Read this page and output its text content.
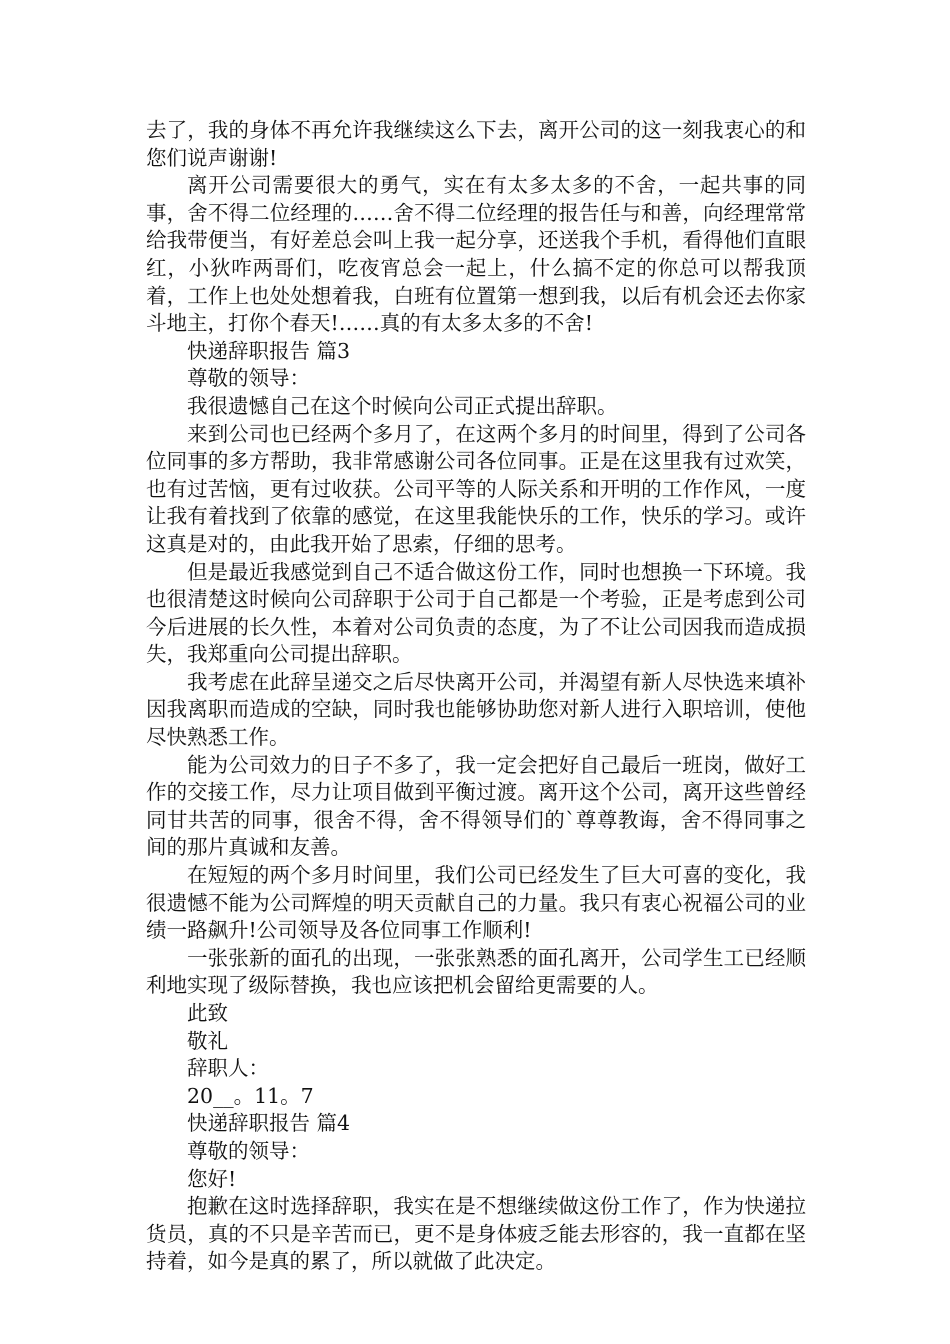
去了，我的身体不再允许我继续这么下去，离开公司的这一刻我衷心的和您们说声谢谢!

离开公司需要很大的勇气，实在有太多太多的不舍，一起共事的同事，舍不得二位经理的……舍不得二位经理的报告任与和善，向经理常常给我带便当，有好差总会叫上我一起分享，还送我个手机，看得他们直眼红，小狄咋两哥们，吃夜宵总会一起上，什么搞不定的你总可以帮我顶着，工作上也处处想着我，白班有位置第一想到我，以后有机会还去你家斗地主，打你个春天!……真的有太多太多的不舍!

快递辞职报告 篇3

尊敬的领导：

我很遗憾自己在这个时候向公司正式提出辞职。

来到公司也已经两个多月了，在这两个多月的时间里，得到了公司各位同事的多方帮助，我非常感谢公司各位同事。正是在这里我有过欢笑，也有过苦恼，更有过收获。公司平等的人际关系和开明的工作作风，一度让我有着找到了依靠的感觉，在这里我能快乐的工作，快乐的学习。或许这真是对的，由此我开始了思索，仔细的思考。

但是最近我感觉到自己不适合做这份工作，同时也想换一下环境。我也很清楚这时候向公司辞职于公司于自己都是一个考验，正是考虑到公司今后进展的长久性，本着对公司负责的态度，为了不让公司因我而造成损失，我郑重向公司提出辞职。

我考虑在此辞呈递交之后尽快离开公司，并渴望有新人尽快选来填补因我离职而造成的空缺，同时我也能够协助您对新人进行入职培训，使他尽快熟悉工作。

能为公司效力的日子不多了，我一定会把好自己最后一班岗，做好工作的交接工作，尽力让项目做到平衡过渡。离开这个公司，离开这些曾经同甘共苦的同事，很舍不得，舍不得领导们的`尊尊教诲，舍不得同事之间的那片真诚和友善。

在短短的两个多月时间里，我们公司已经发生了巨大可喜的变化，我很遗憾不能为公司辉煌的明天贡献自己的力量。我只有衷心祝福公司的业绩一路飙升!公司领导及各位同事工作顺利!

一张张新的面孔的出现，一张张熟悉的面孔离开，公司学生工已经顺利地实现了级际替换，我也应该把机会留给更需要的人。

此致

敬礼

辞职人：

20__。11。7

快递辞职报告 篇4

尊敬的领导：

您好!

抱歉在这时选择辞职，我实在是不想继续做这份工作了，作为快递拉货员，真的不只是辛苦而已，更不是身体疲乏能去形容的，我一直都在坚持着，如今是真的累了，所以就做了此决定。
